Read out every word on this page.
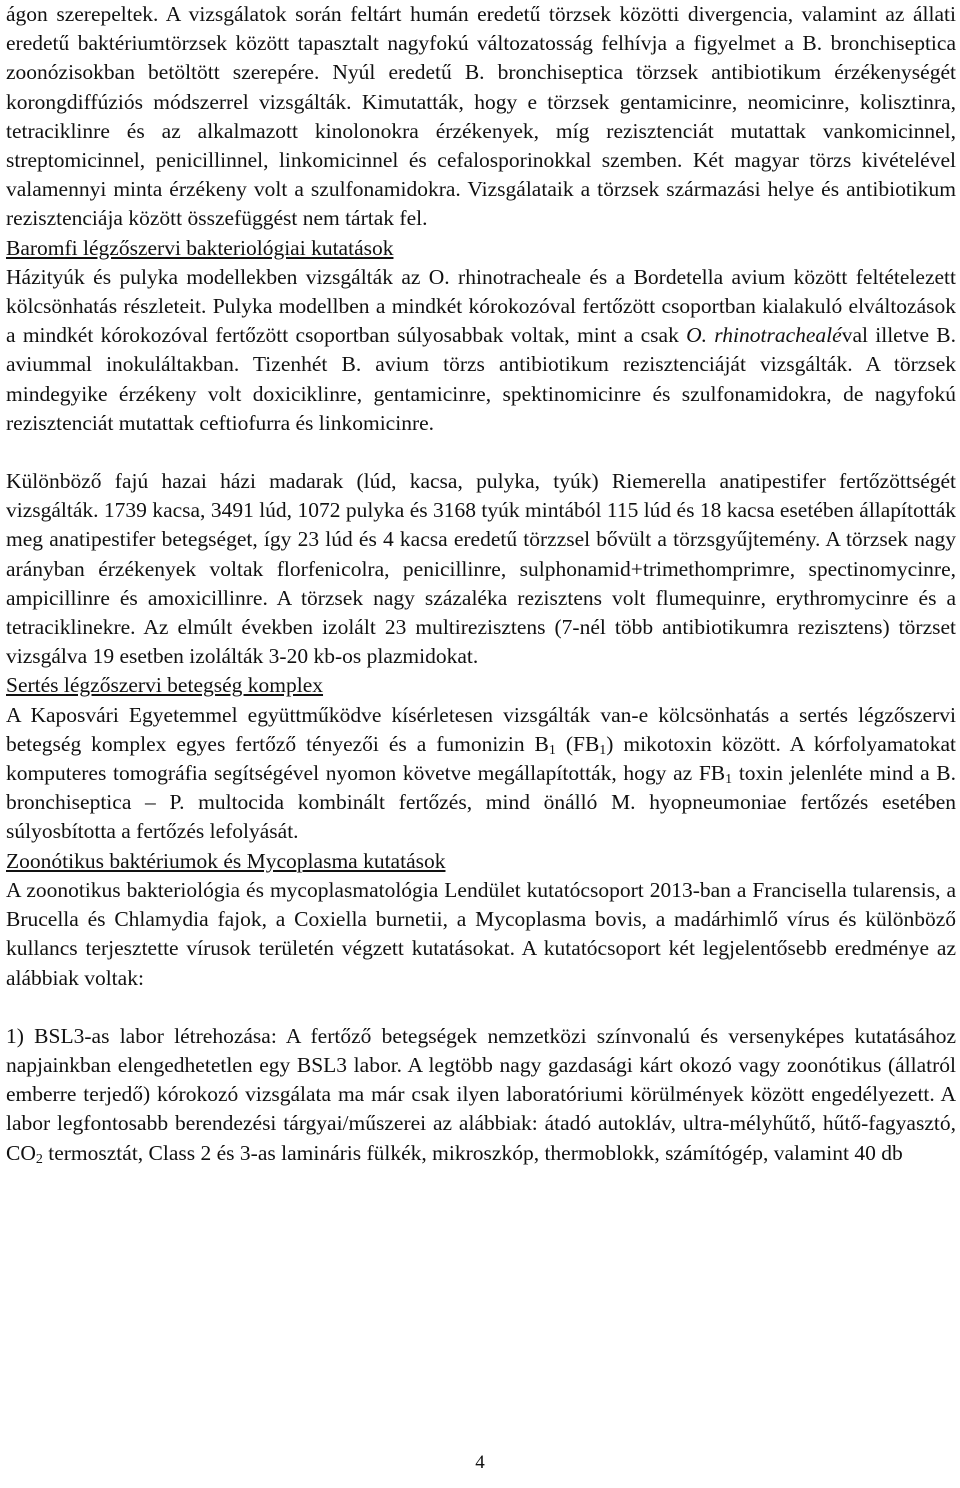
ágon szerepeltek. A vizsgálatok során feltárt humán eredetű törzsek közötti divergencia, valamint az állati eredetű baktériumtörzsek között tapasztalt nagyfokú változatosság felhívja a figyelmet a B. bronchiseptica zoonózisokban betöltött szerepére. Nyúl eredetű B. bronchiseptica törzsek antibiotikum érzékenységét korongdiffúziós módszerrel vizsgálták. Kimutatták, hogy e törzsek gentamicinre, neomicinre, kolisztinra, tetraciklinre és az alkalmazott kinolonokra érzékenyek, míg rezisztenciát mutattak vankomicinnel, streptomicinnel, penicillinnel, linkomicinnel és cefalosporinokkal szemben. Két magyar törzs kivételével valamennyi minta érzékeny volt a szulfonamidokra. Vizsgálataik a törzsek származási helye és antibiotikum rezisztenciája között összefüggést nem tártak fel.

Baromfi légzőszervi bakteriológiai kutatások

Házityúk és pulyka modellekben vizsgálták az O. rhinotracheale és a Bordetella avium között feltételezett kölcsönhatás részleteit. Pulyka modellben a mindkét kórokozóval fertőzött csoportban kialakuló elváltozások a mindkét kórokozóval fertőzött csoportban súlyosabbak voltak, mint a csak O. rhinotrachealéval illetve B. aviummal inokuláltakban. Tizenhét B. avium törzs antibiotikum rezisztenciáját vizsgálták. A törzsek mindegyike érzékeny volt doxiciklinre, gentamicinre, spektinomicinre és szulfonamidokra, de nagyfokú rezisztenciát mutattak ceftiofurra és linkomicinre.

Különböző fajú hazai házi madarak (lúd, kacsa, pulyka, tyúk) Riemerella anatipestifer fertőzöttségét vizsgálták. 1739 kacsa, 3491 lúd, 1072 pulyka és 3168 tyúk mintából 115 lúd és 18 kacsa esetében állapították meg anatipestifer betegséget, így 23 lúd és 4 kacsa eredetű törzzsel bővült a törzsgyűjtemény. A törzsek nagy arányban érzékenyek voltak florfenicolra, penicillinre, sulphonamid+trimethomprimre, spectinomycinre, ampicillinre és amoxicillinre. A törzsek nagy százaléka rezisztens volt flumequinre, erythromycinre és a tetraciklinekre. Az elmúlt években izolált 23 multirezisztens (7-nél több antibiotikumra rezisztens) törzset vizsgálva 19 esetben izolálták 3-20 kb-os plazmidokat.

Sertés légzőszervi betegség komplex

A Kaposvári Egyetemmel együttműködve kísérletesen vizsgálták van-e kölcsönhatás a sertés légzőszervi betegség komplex egyes fertőző tényezői és a fumonizin $B_1$ $(FB_1)$ mikotoxin között. A kórfolyamatokat komputeres tomográfia segítségével nyomon követve megállapították, hogy az $FB_1$ toxin jelenléte mind a B. bronchiseptica – P. multocida kombinált fertőzés, mind önálló M. hyopneumoniae fertőzés esetében súlyosbította a fertőzés lefolyását.

Zoonótikus baktériumok és Mycoplasma kutatások

A zoonotikus bakteriológia és mycoplasmatológia Lendület kutatócsoport 2013-ban a Francisella tularensis, a Brucella és Chlamydia fajok, a Coxiella burnetii, a Mycoplasma bovis, a madárhimlő vírus és különböző kullancs terjesztette vírusok területén végzett kutatásokat. A kutatócsoport két legjelentősebb eredménye az alábbiak voltak:

1) BSL3-as labor létrehozása: A fertőző betegségek nemzetközi színvonalú és versenyképes kutatásához napjainkban elengedhetetlen egy BSL3 labor. A legtöbb nagy gazdasági kárt okozó vagy zoonótikus (állatról emberre terjedő) kórokozó vizsgálata ma már csak ilyen laboratóriumi körülmények között engedélyezett. A labor legfontosabb berendezési tárgyai/műszerei az alábbiak: átadó autokláv, ultra-mélyhűtő, hűtő-fagyasztó, $CO_2$ termosztát, Class 2 és 3-as lamináris fülkék, mikroszkóp, thermoblokk, számítógép, valamint 40 db

4
